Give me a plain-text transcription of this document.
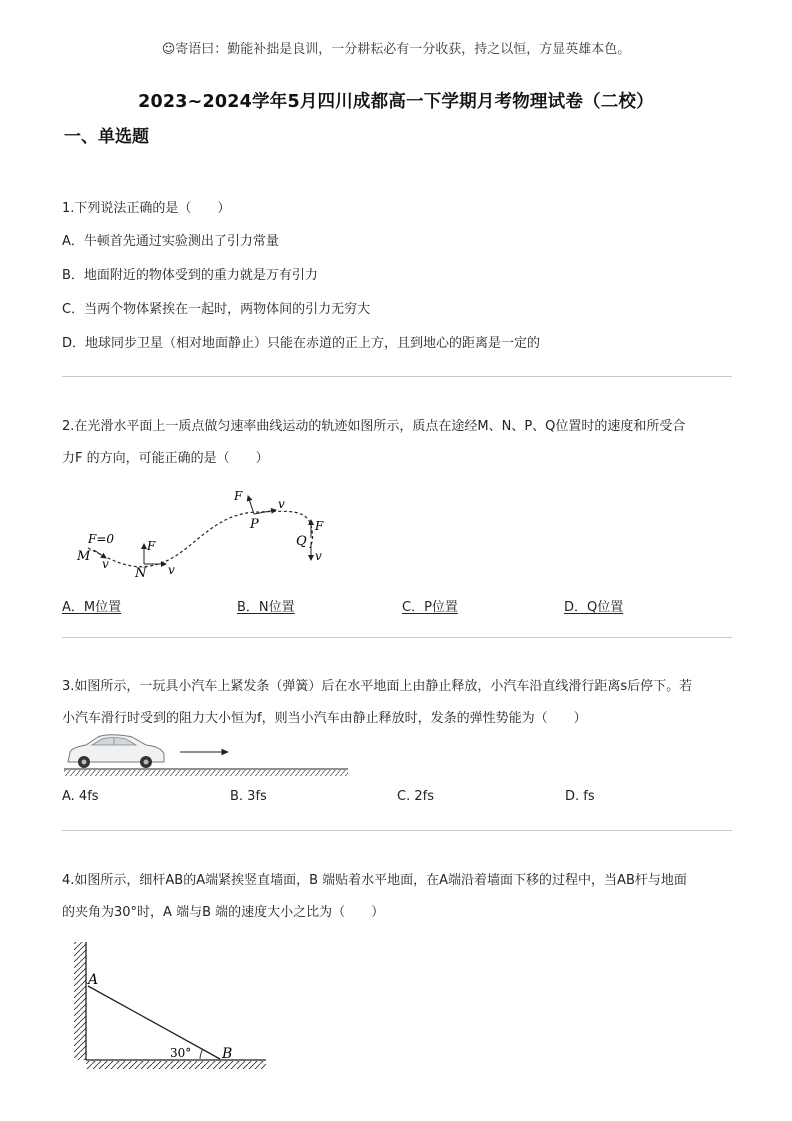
☺寄语曰：勤能补拙是良训，一分耕耘必有一分收获，持之以恒，方显英雄本色。
2023~2024学年5月四川成都高一下学期月考物理试卷（二校）
一、单选题
1.下列说法正确的是（　　）
A．牛顿首先通过实验测出了引力常量
B．地面附近的物体受到的重力就是万有引力
C．当两个物体紧挨在一起时，两物体间的引力无穷大
D．地球同步卫星（相对地面静止）只能在赤道的正上方，且到地心的距离是一定的
2.在光滑水平面上一质点做匀速率曲线运动的轨迹如图所示，质点在途经M、N、P、Q位置时的速度和所受合
力F 的方向，可能正确的是（　　）
F=0
M v
F
N v
F
v
P	F
Q
v
A．M位置	B．N位置	C．P位置	D．Q位置
3.如图所示，一玩具小汽车上紧发条（弹簧）后在水平地面上由静止释放，小汽车沿直线滑行距离s后停下。若
小汽车滑行时受到的阻力大小恒为f，则当小汽车由静止释放时，发条的弹性势能为（　　）
A. 4fs	B. 3fs	C. 2fs	D. fs
4.如图所示，细杆AB的A端紧挨竖直墙面，B 端贴着水平地面，在A端沿着墙面下移的过程中，当AB杆与地面
的夹角为30°时，A 端与B 端的速度大小之比为（　　）
A
B
30°
